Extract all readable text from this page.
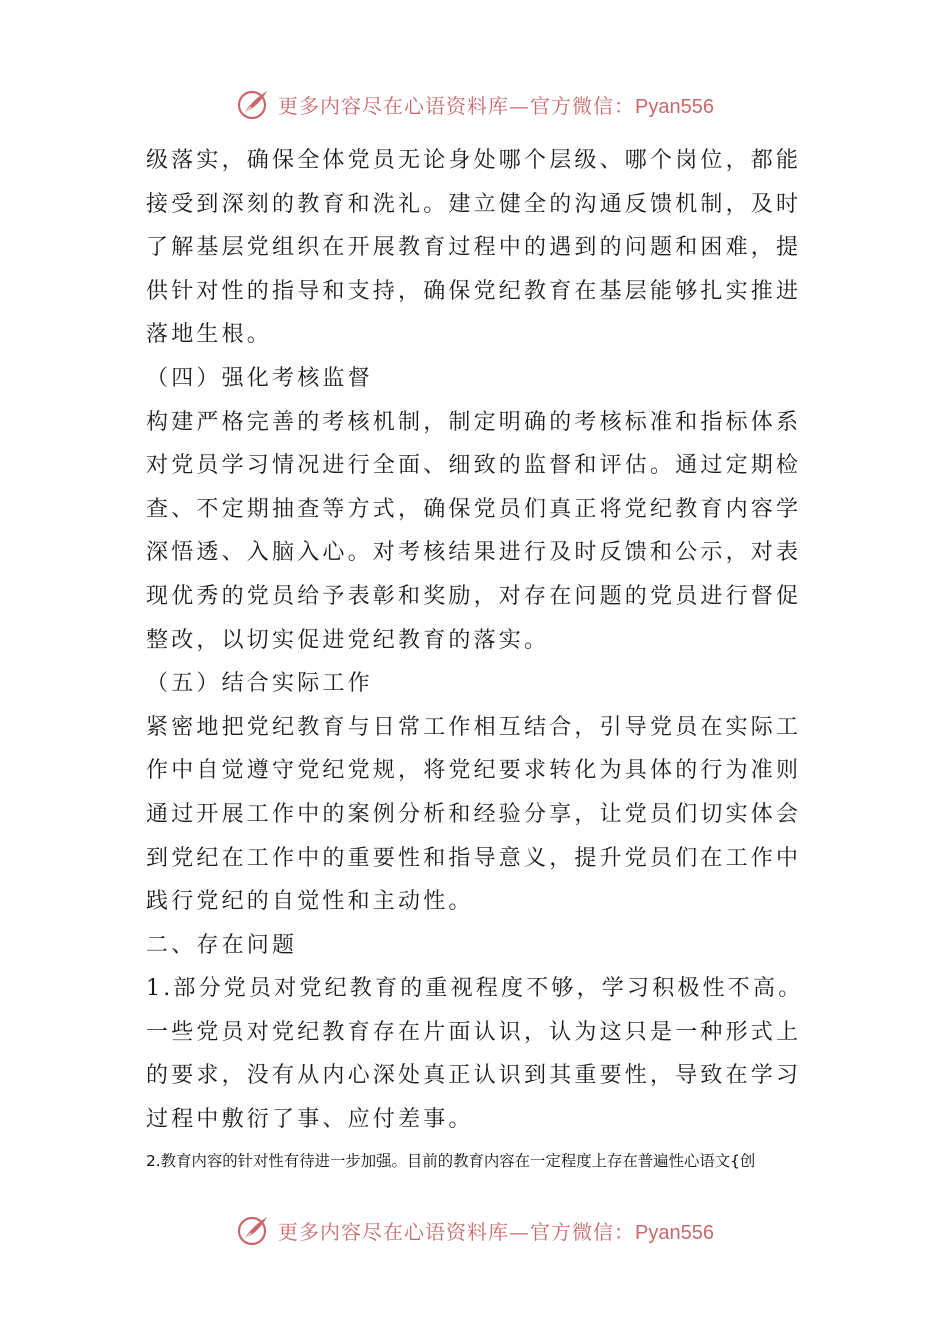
更多内容尽在心语资料库—官方微信：Pyan556
级落实，确保全体党员无论身处哪个层级、哪个岗位，都能
接受到深刻的教育和洗礼。建立健全的沟通反馈机制，及时
了解基层党组织在开展教育过程中的遇到的问题和困难，提
供针对性的指导和支持，确保党纪教育在基层能够扎实推进
落地生根。
（四）强化考核监督
构建严格完善的考核机制，制定明确的考核标准和指标体系
对党员学习情况进行全面、细致的监督和评估。通过定期检
查、不定期抽查等方式，确保党员们真正将党纪教育内容学
深悟透、入脑入心。对考核结果进行及时反馈和公示，对表
现优秀的党员给予表彰和奖励，对存在问题的党员进行督促
整改，以切实促进党纪教育的落实。
（五）结合实际工作
紧密地把党纪教育与日常工作相互结合，引导党员在实际工
作中自觉遵守党纪党规，将党纪要求转化为具体的行为准则
通过开展工作中的案例分析和经验分享，让党员们切实体会
到党纪在工作中的重要性和指导意义，提升党员们在工作中
践行党纪的自觉性和主动性。
二、存在问题
1.部分党员对党纪教育的重视程度不够，学习积极性不高。
一些党员对党纪教育存在片面认识，认为这只是一种形式上
的要求，没有从内心深处真正认识到其重要性，导致在学习
过程中敷衍了事、应付差事。
2.教育内容的针对性有待进一步加强。目前的教育内容在一定程度上存在普遍性心语文{创
更多内容尽在心语资料库—官方微信：Pyan556
